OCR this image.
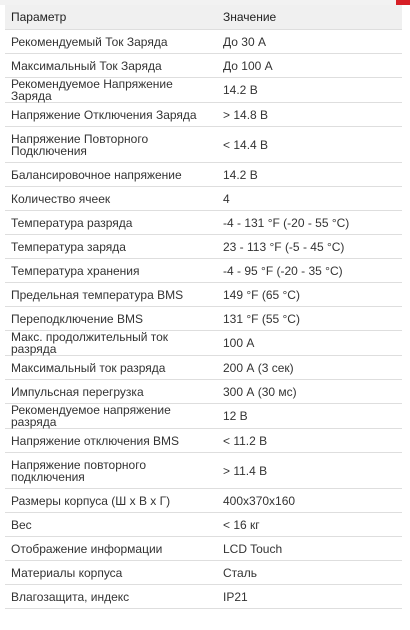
Параметр	Значение
Рекомендуемый Ток Заряда	До 30 А
Максимальный Ток Заряда	До 100 А
Рекомендуемое Напряжение Заряда	14.2 В
Напряжение Отключения Заряда	> 14.8 В
Напряжение Повторного Подключения	< 14.4 В
Балансировочное напряжение	14.2 В
Количество ячеек	4
Температура разряда	-4 - 131 °F (-20 - 55 °C)
Температура заряда	23 - 113 °F (-5 - 45 °C)
Температура хранения	-4 - 95 °F (-20 - 35 °C)
Предельная температура BMS	149 °F (65 °C)
Переподключение BMS	131 °F (55 °C)
Макс. продолжительный ток разряда	100 А
Максимальный ток разряда	200 А (3 сек)
Импульсная перегрузка	300 А (30 мс)
Рекомендуемое напряжение разряда	12 В
Напряжение отключения BMS	< 11.2 В
Напряжение повторного подключения	> 11.4 В
Размеры корпуса (Ш x В x Г)	400x370x160
Вес	< 16 кг
Отображение информации	LCD Touch
Материалы корпуса	Сталь
Влагозащита, индекс	IP21
